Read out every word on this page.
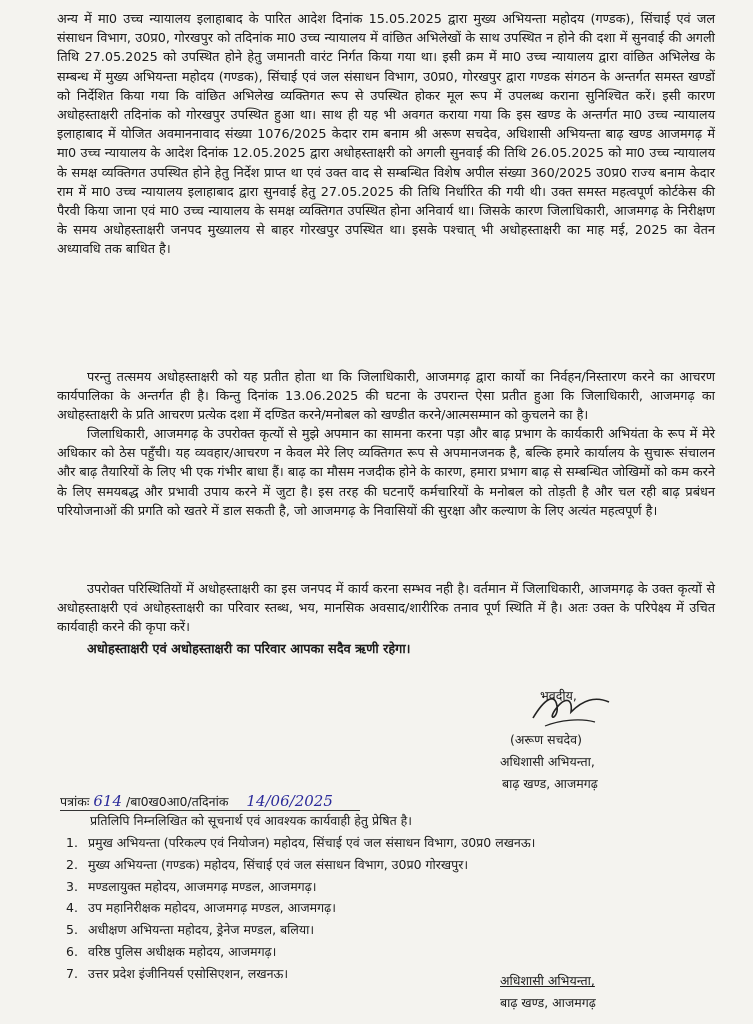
अन्य में मा0 उच्च न्यायालय इलाहाबाद के पारित आदेश दिनांक 15.05.2025 द्वारा मुख्य अभियन्ता महोदय (गण्डक), सिंचाई एवं जल संसाधन विभाग, उ0प्र0, गोरखपुर को तदिनांक मा0 उच्च न्यायालय में वांछित अभिलेखों के साथ उपस्थित न होने की दशा में सुनवाई की अगली तिथि 27.05.2025 को उपस्थित होने हेतु जमानती वारंट निर्गत किया गया था। इसी क्रम में मा0 उच्च न्यायालय द्वारा वांछित अभिलेख के सम्बन्ध में मुख्य अभियन्ता महोदय (गण्डक), सिंचाई एवं जल संसाधन विभाग, उ0प्र0, गोरखपुर द्वारा गण्डक संगठन के अन्तर्गत समस्त खण्डों को निर्देशित किया गया कि वांछित अभिलेख व्यक्तिगत रूप से उपस्थित होकर मूल रूप में उपलब्ध कराना सुनिश्चित करें। इसी कारण अधोहस्ताक्षरी तदिनांक को गोरखपुर उपस्थित हुआ था। साथ ही यह भी अवगत कराया गया कि इस खण्ड के अन्तर्गत मा0 उच्च न्यायालय इलाहाबाद में योजित अवमाननावाद संख्या 1076/2025 केदार राम बनाम श्री अरूण सचदेव, अधिशासी अभियन्ता बाढ़ खण्ड आजमगढ़ में मा0 उच्च न्यायालय के आदेश दिनांक 12.05.2025 द्वारा अधोहस्ताक्षरी को अगली सुनवाई की तिथि 26.05.2025 को मा0 उच्च न्यायालय के समक्ष व्यक्तिगत उपस्थित होने हेतु निर्देश प्राप्त था एवं उक्त वाद से सम्बन्धित विशेष अपील संख्या 360/2025 उ0प्र0 राज्य बनाम केदार राम में मा0 उच्च न्यायालय इलाहाबाद द्वारा सुनवाई हेतु 27.05.2025 की तिथि निर्धारित की गयी थी। उक्त समस्त महत्वपूर्ण कोर्टकेस की पैरवी किया जाना एवं मा0 उच्च न्यायालय के समक्ष व्यक्तिगत उपस्थित होना अनिवार्य था। जिसके कारण जिलाधिकारी, आजमगढ़ के निरीक्षण के समय अधोहस्ताक्षरी जनपद मुख्यालय से बाहर गोरखपुर उपस्थित था। इसके पश्चात् भी अधोहस्ताक्षरी का माह मई, 2025 का वेतन अध्यावधि तक बाधित है।

परन्तु तत्समय अधोहस्ताक्षरी को यह प्रतीत होता था कि जिलाधिकारी, आजमगढ़ द्वारा कार्यो का निर्वहन/निस्तारण करने का आचरण कार्यपालिका के अन्तर्गत ही है। किन्तु दिनांक 13.06.2025 की घटना के उपरान्त ऐसा प्रतीत हुआ कि जिलाधिकारी, आजमगढ़ का अधोहस्ताक्षरी के प्रति आचरण प्रत्येक दशा में दण्डित करने/मनोबल को खण्डीत करने/आत्मसम्मान को कुचलने का है।

जिलाधिकारी, आजमगढ़ के उपरोक्त कृत्यों से मुझे अपमान का सामना करना पड़ा और बाढ़ प्रभाग के कार्यकारी अभियंता के रूप में मेरे अधिकार को ठेस पहुँची। यह व्यवहार/आचरण न केवल मेरे लिए व्यक्तिगत रूप से अपमानजनक है, बल्कि हमारे कार्यालय के सुचारू संचालन और बाढ़ तैयारियों के लिए भी एक गंभीर बाधा हैं। बाढ़ का मौसम नजदीक होने के कारण, हमारा प्रभाग बाढ़ से सम्बन्धित जोखिमों को कम करने के लिए समयबद्ध और प्रभावी उपाय करने में जुटा है। इस तरह की घटनाएँ कर्मचारियों के मनोबल को तोड़ती है और चल रही बाढ़ प्रबंधन परियोजनाओं की प्रगति को खतरे में डाल सकती है, जो आजमगढ़ के निवासियों की सुरक्षा और कल्याण के लिए अत्यंत महत्वपूर्ण है।

उपरोक्त परिस्थितियों में अधोहस्ताक्षरी का इस जनपद में कार्य करना सम्भव नही है। वर्तमान में जिलाधिकारी, आजमगढ़ के उक्त कृत्यों से अधोहस्ताक्षरी एवं अधोहस्ताक्षरी का परिवार स्तब्ध, भय, मानसिक अवसाद/शारीरिक तनाव पूर्ण स्थिति में है। अतः उक्त के परिपेक्ष्य में उचित कार्यवाही करने की कृपा करें।

अधोहस्ताक्षरी एवं अधोहस्ताक्षरी का परिवार आपका सदैव ऋणी रहेगा।

भवदीय,
(अरूण सचदेव)
अधिशासी अभियन्ता,
बाढ़ खण्ड, आजमगढ़
पत्रांकः 614 /बा0ख0आ0/तदिनांक 14/06/2025
प्रतिलिपि निम्नलिखित को सूचनार्थ एवं आवश्यक कार्यवाही हेतु प्रेषित है।
1. प्रमुख अभियन्ता (परिकल्प एवं नियोजन) महोदय, सिंचाई एवं जल संसाधन विभाग, उ0प्र0 लखनऊ।
2. मुख्य अभियन्ता (गण्डक) महोदय, सिंचाई एवं जल संसाधन विभाग, उ0प्र0 गोरखपुर।
3. मण्डलायुक्त महोदय, आजमगढ़ मण्डल, आजमगढ़।
4. उप महानिरीक्षक महोदय, आजमगढ़ मण्डल, आजमगढ़।
5. अधीक्षण अभियन्ता महोदय, ड्रेनेज मण्डल, बलिया।
6. वरिष्ठ पुलिस अधीक्षक महोदय, आजमगढ़।
7. उत्तर प्रदेश इंजीनियर्स एसोसिएशन, लखनऊ।	अधिशासी अभियन्ता,
बाढ़ खण्ड, आजमगढ़
